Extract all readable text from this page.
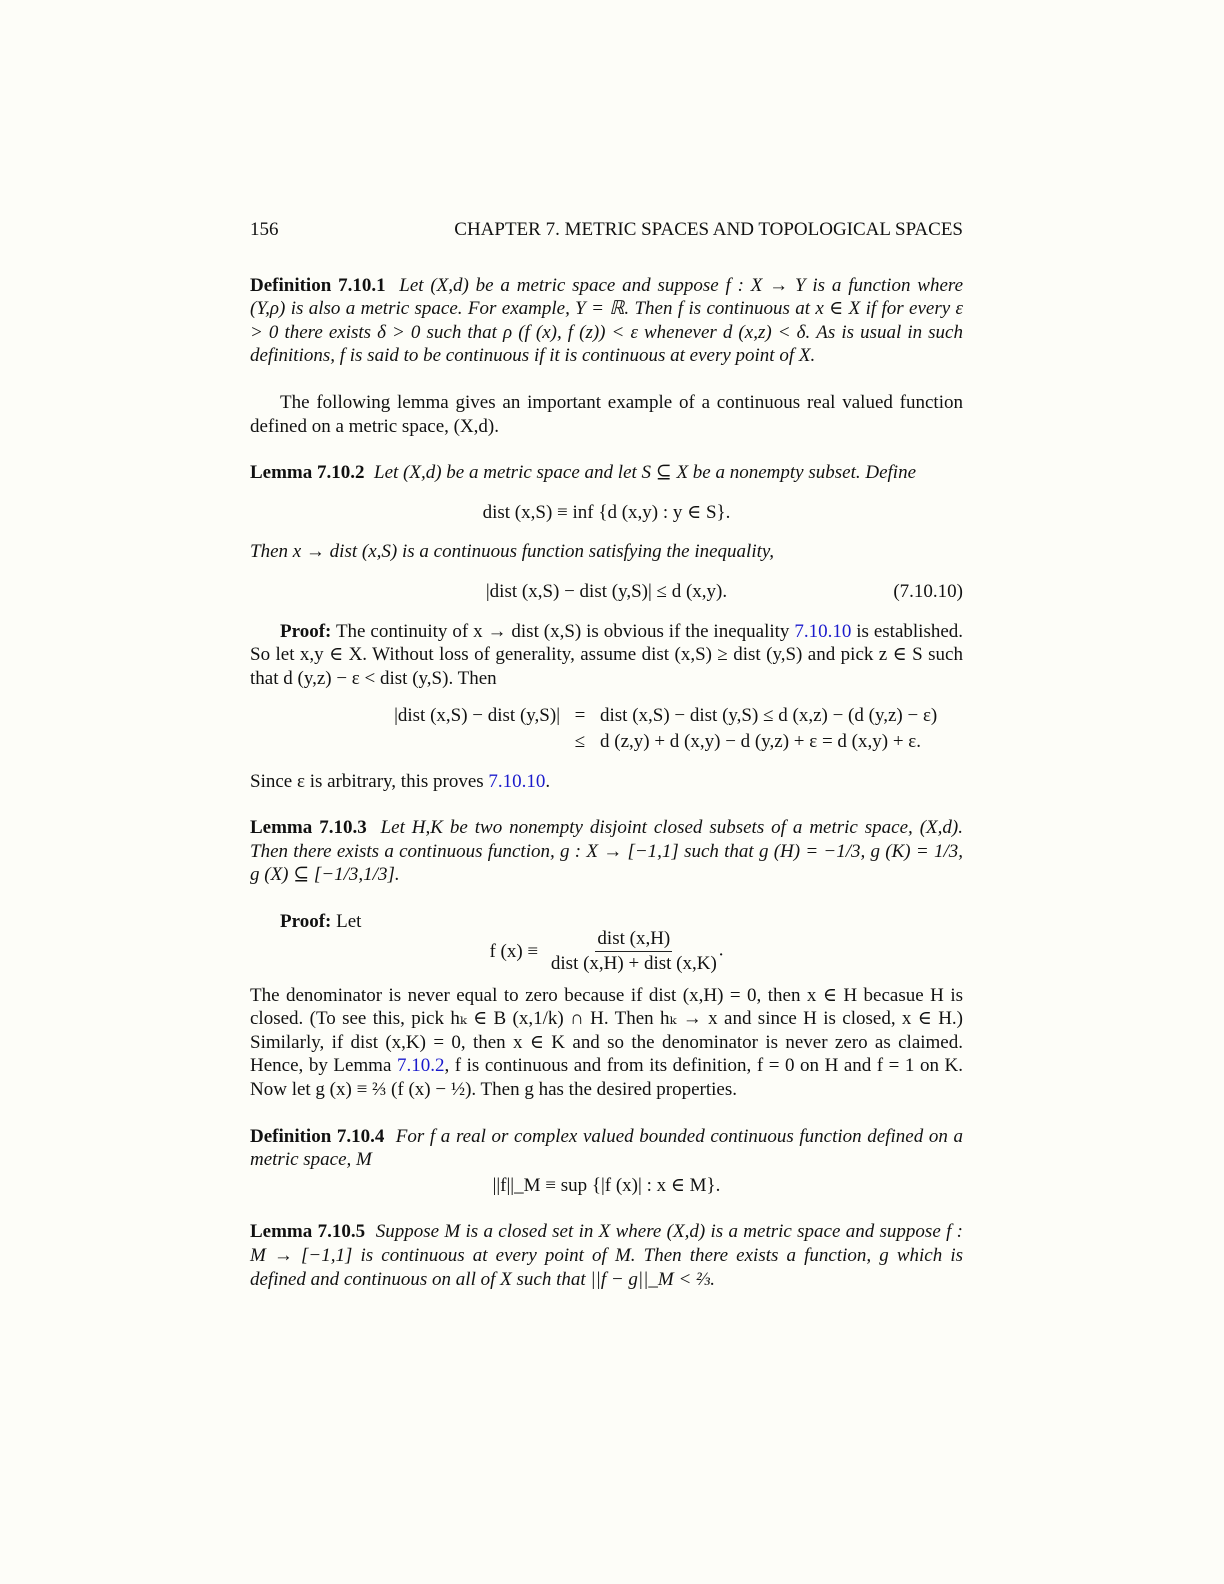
156	CHAPTER 7. METRIC SPACES AND TOPOLOGICAL SPACES

Definition 7.10.1 Let (X,d) be a metric space and suppose f : X → Y is a function where (Y,ρ) is also a metric space. For example, Y = ℝ. Then f is continuous at x ∈ X if for every ε > 0 there exists δ > 0 such that ρ (f (x), f (z)) < ε whenever d (x,z) < δ. As is usual in such definitions, f is said to be continuous if it is continuous at every point of X.

The following lemma gives an important example of a continuous real valued function defined on a metric space, (X,d).

Lemma 7.10.2 Let (X,d) be a metric space and let S ⊆ X be a nonempty subset. Define

dist (x,S) ≡ inf {d (x,y) : y ∈ S}.

Then x → dist (x,S) is a continuous function satisfying the inequality,

|dist (x,S) − dist (y,S)| ≤ d (x,y).	(7.10.10)

Proof: The continuity of x → dist (x,S) is obvious if the inequality 7.10.10 is established. So let x,y ∈ X. Without loss of generality, assume dist (x,S) ≥ dist (y,S) and pick z ∈ S such that d (y,z) − ε < dist (y,S). Then

|dist (x,S) − dist (y,S)| = dist (x,S) − dist (y,S) ≤ d (x,z) − (d (y,z) − ε)
≤ d (z,y) + d (x,y) − d (y,z) + ε = d (x,y) + ε.

Since ε is arbitrary, this proves 7.10.10.

Lemma 7.10.3 Let H,K be two nonempty disjoint closed subsets of a metric space, (X,d). Then there exists a continuous function, g : X → [−1,1] such that g (H) = −1/3, g (K) = 1/3, g (X) ⊆ [−1/3,1/3].

Proof: Let

f $(x) \equiv \frac{\text{dist (x,H)}}{\text{dist (x,H) + dist (x,K)}}$ .

The denominator is never equal to zero because if dist (x,H) = 0, then x ∈ H becasue H is closed. (To see this, pick hₖ ∈ B (x,1/k) ∩ H. Then hₖ → x and since H is closed, x ∈ H.) Similarly, if dist (x,K) = 0, then x ∈ K and so the denominator is never zero as claimed. Hence, by Lemma 7.10.2, f is continuous and from its definition, f = 0 on H and f = 1 on K. Now let g (x) ≡ ⅔ (f (x) − ½). Then g has the desired properties.

Definition 7.10.4 For f a real or complex valued bounded continuous function defined on a metric space, M

||f||_M ≡ sup {|f (x)| : x ∈ M}.

Lemma 7.10.5 Suppose M is a closed set in X where (X,d) is a metric space and suppose f : M → [−1,1] is continuous at every point of M. Then there exists a function, g which is defined and continuous on all of X such that ||f − g||_M < ⅔.
